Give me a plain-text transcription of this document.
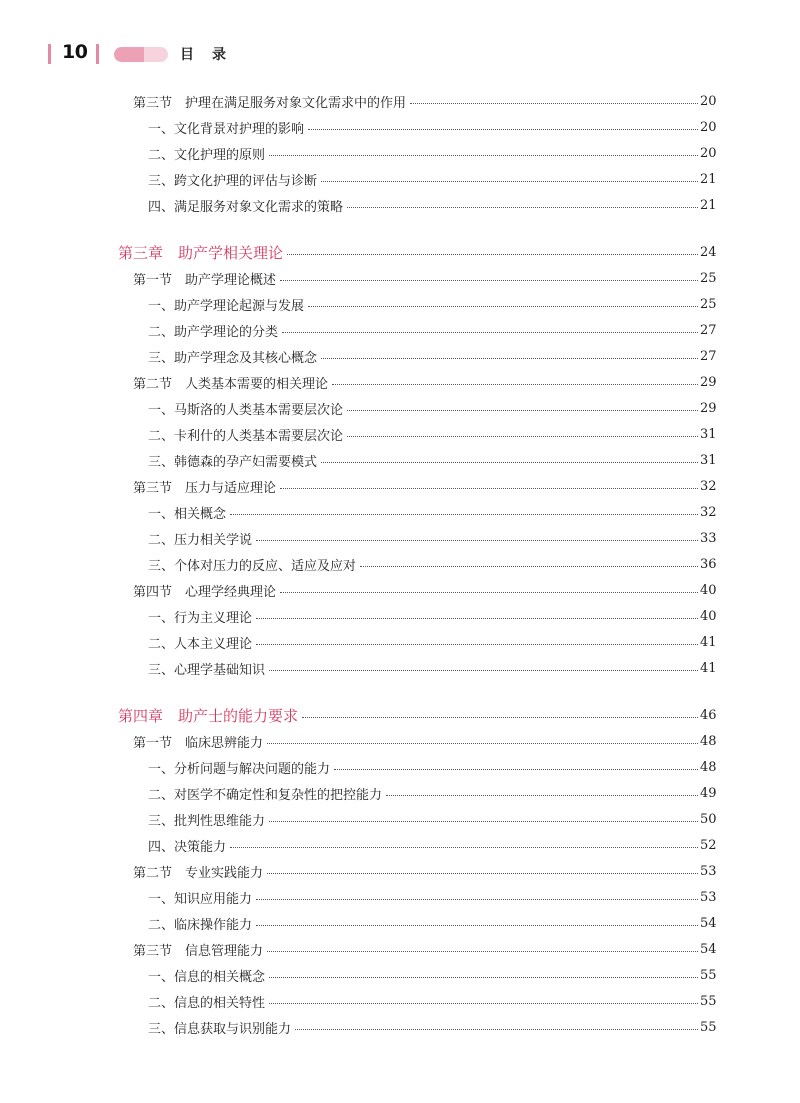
10	目录
第三节　护理在满足服务对象文化需求中的作用	20
一、文化背景对护理的影响	20
二、文化护理的原则	20
三、跨文化护理的评估与诊断	21
四、满足服务对象文化需求的策略	21
第三章　助产学相关理论	24
第一节　助产学理论概述	25
一、助产学理论起源与发展	25
二、助产学理论的分类	27
三、助产学理念及其核心概念	27
第二节　人类基本需要的相关理论	29
一、马斯洛的人类基本需要层次论	29
二、卡利什的人类基本需要层次论	31
三、韩德森的孕产妇需要模式	31
第三节　压力与适应理论	32
一、相关概念	32
二、压力相关学说	33
三、个体对压力的反应、适应及应对	36
第四节　心理学经典理论	40
一、行为主义理论	40
二、人本主义理论	41
三、心理学基础知识	41
第四章　助产士的能力要求	46
第一节　临床思辨能力	48
一、分析问题与解决问题的能力	48
二、对医学不确定性和复杂性的把控能力	49
三、批判性思维能力	50
四、决策能力	52
第二节　专业实践能力	53
一、知识应用能力	53
二、临床操作能力	54
第三节　信息管理能力	54
一、信息的相关概念	55
二、信息的相关特性	55
三、信息获取与识别能力	55
